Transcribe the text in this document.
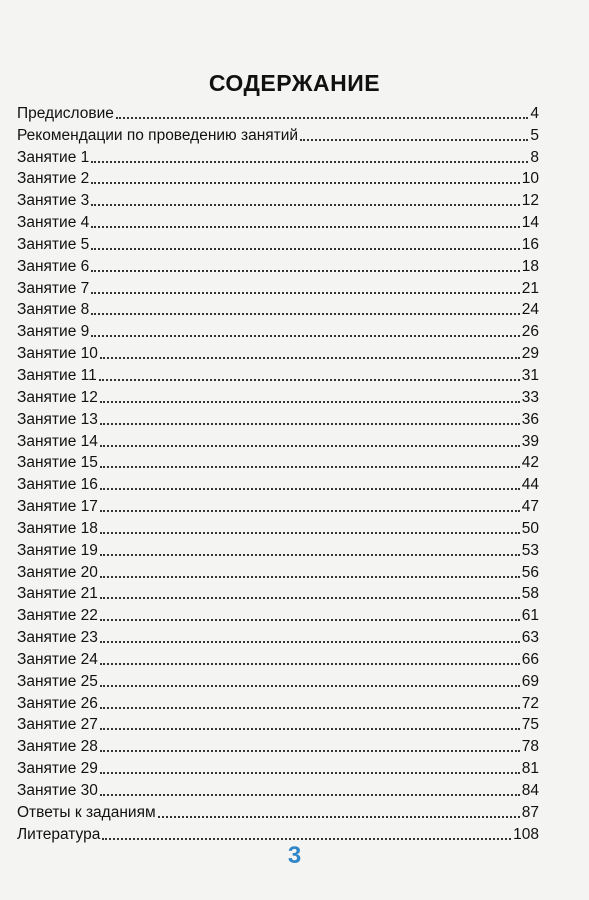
СОДЕРЖАНИЕ
Предисловие	4
Рекомендации по проведению занятий	5
Занятие 1	8
Занятие 2	10
Занятие 3	12
Занятие 4	14
Занятие 5	16
Занятие 6	18
Занятие 7	21
Занятие 8	24
Занятие 9	26
Занятие 10	29
Занятие 11	31
Занятие 12	33
Занятие 13	36
Занятие 14	39
Занятие 15	42
Занятие 16	44
Занятие 17	47
Занятие 18	50
Занятие 19	53
Занятие 20	56
Занятие 21	58
Занятие 22	61
Занятие 23	63
Занятие 24	66
Занятие 25	69
Занятие 26	72
Занятие 27	75
Занятие 28	78
Занятие 29	81
Занятие 30	84
Ответы к заданиям	87
Литература	108
3
